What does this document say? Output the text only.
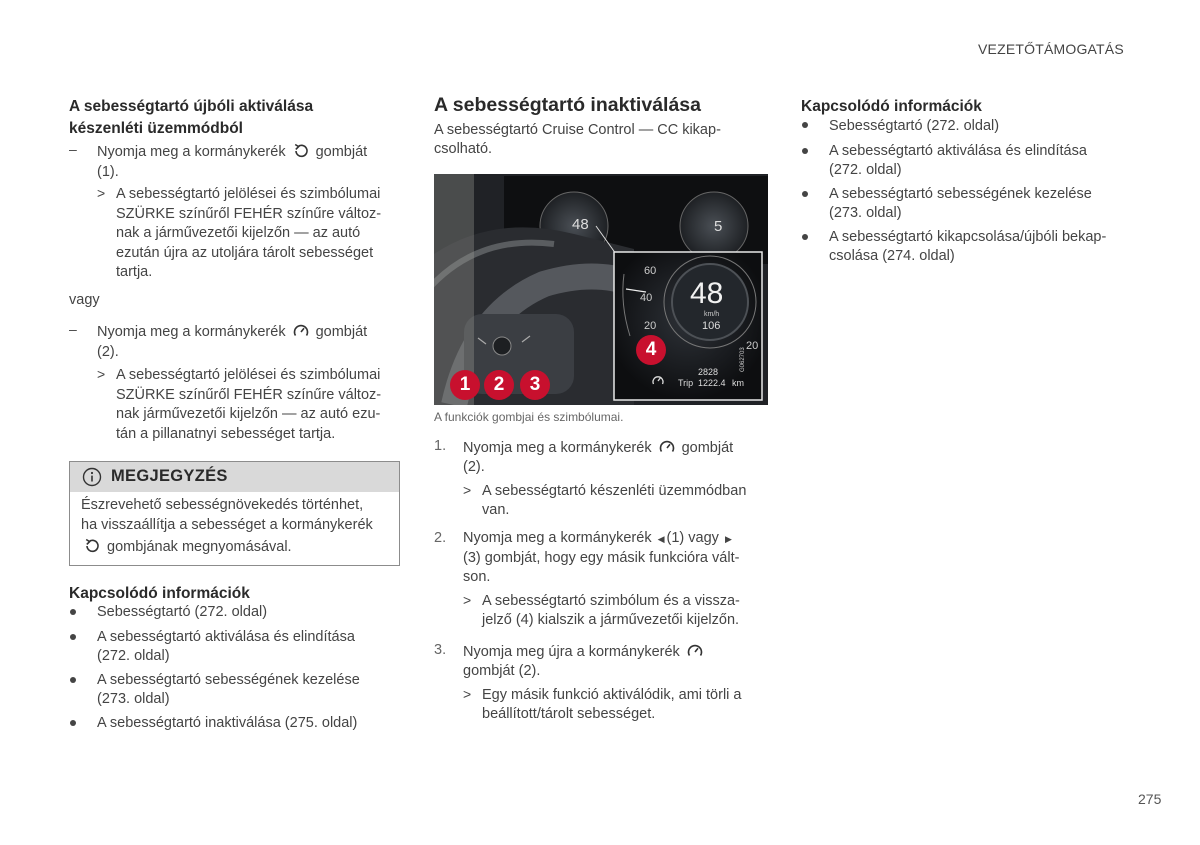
VEZETŐTÁMOGATÁS
A sebességtartó újbóli aktiválása
készenléti üzemmódból
– Nyomja meg a kormánykerék gombját
(1).
> A sebességtartó jelölései és szimbólumai
SZÜRKE színűről FEHÉR színűre változ-
nak a járművezetői kijelzőn — az autó
ezután újra az utoljára tárolt sebességet
tartja.
vagy
– Nyomja meg a kormánykerék gombját
(2).
> A sebességtartó jelölései és szimbólumai
SZÜRKE színűről FEHÉR színűre változ-
nak járművezetői kijelzőn — az autó ezu-
tán a pillanatnyi sebességet tartja.
MEGJEGYZÉS
Észrevehető sebességnövekedés történhet,
ha visszaállítja a sebességet a kormánykerék
gombjának megnyomásával.
Kapcsolódó információk
Sebességtartó (272. oldal)
A sebességtartó aktiválása és elindítása
(272. oldal)
A sebességtartó sebességének kezelése
(273. oldal)
A sebességtartó inaktiválása (275. oldal)
A sebességtartó inaktiválása
A sebességtartó Cruise Control — CC kikap-
csolható.
48	5
60
40
20
20
48
km/h
106
2828
Trip 1222.4 km
G062703
1	2	3
4
A funkciók gombjai és szimbólumai.
1. Nyomja meg a kormánykerék gombját
(2).
> A sebességtartó készenléti üzemmódban
van.
2. Nyomja meg a kormánykerék ◀ (1) vagy ▶
(3) gombját, hogy egy másik funkcióra vált-
son.
> A sebességtartó szimbólum és a vissza-
jelző (4) kialszik a járművezetői kijelzőn.
3. Nyomja meg újra a kormánykerék
gombját (2).
> Egy másik funkció aktiválódik, ami törli a
beállított/tárolt sebességet.
Kapcsolódó információk
Sebességtartó (272. oldal)
A sebességtartó aktiválása és elindítása
(272. oldal)
A sebességtartó sebességének kezelése
(273. oldal)
A sebességtartó kikapcsolása/újbóli bekap-
csolása (274. oldal)
275
